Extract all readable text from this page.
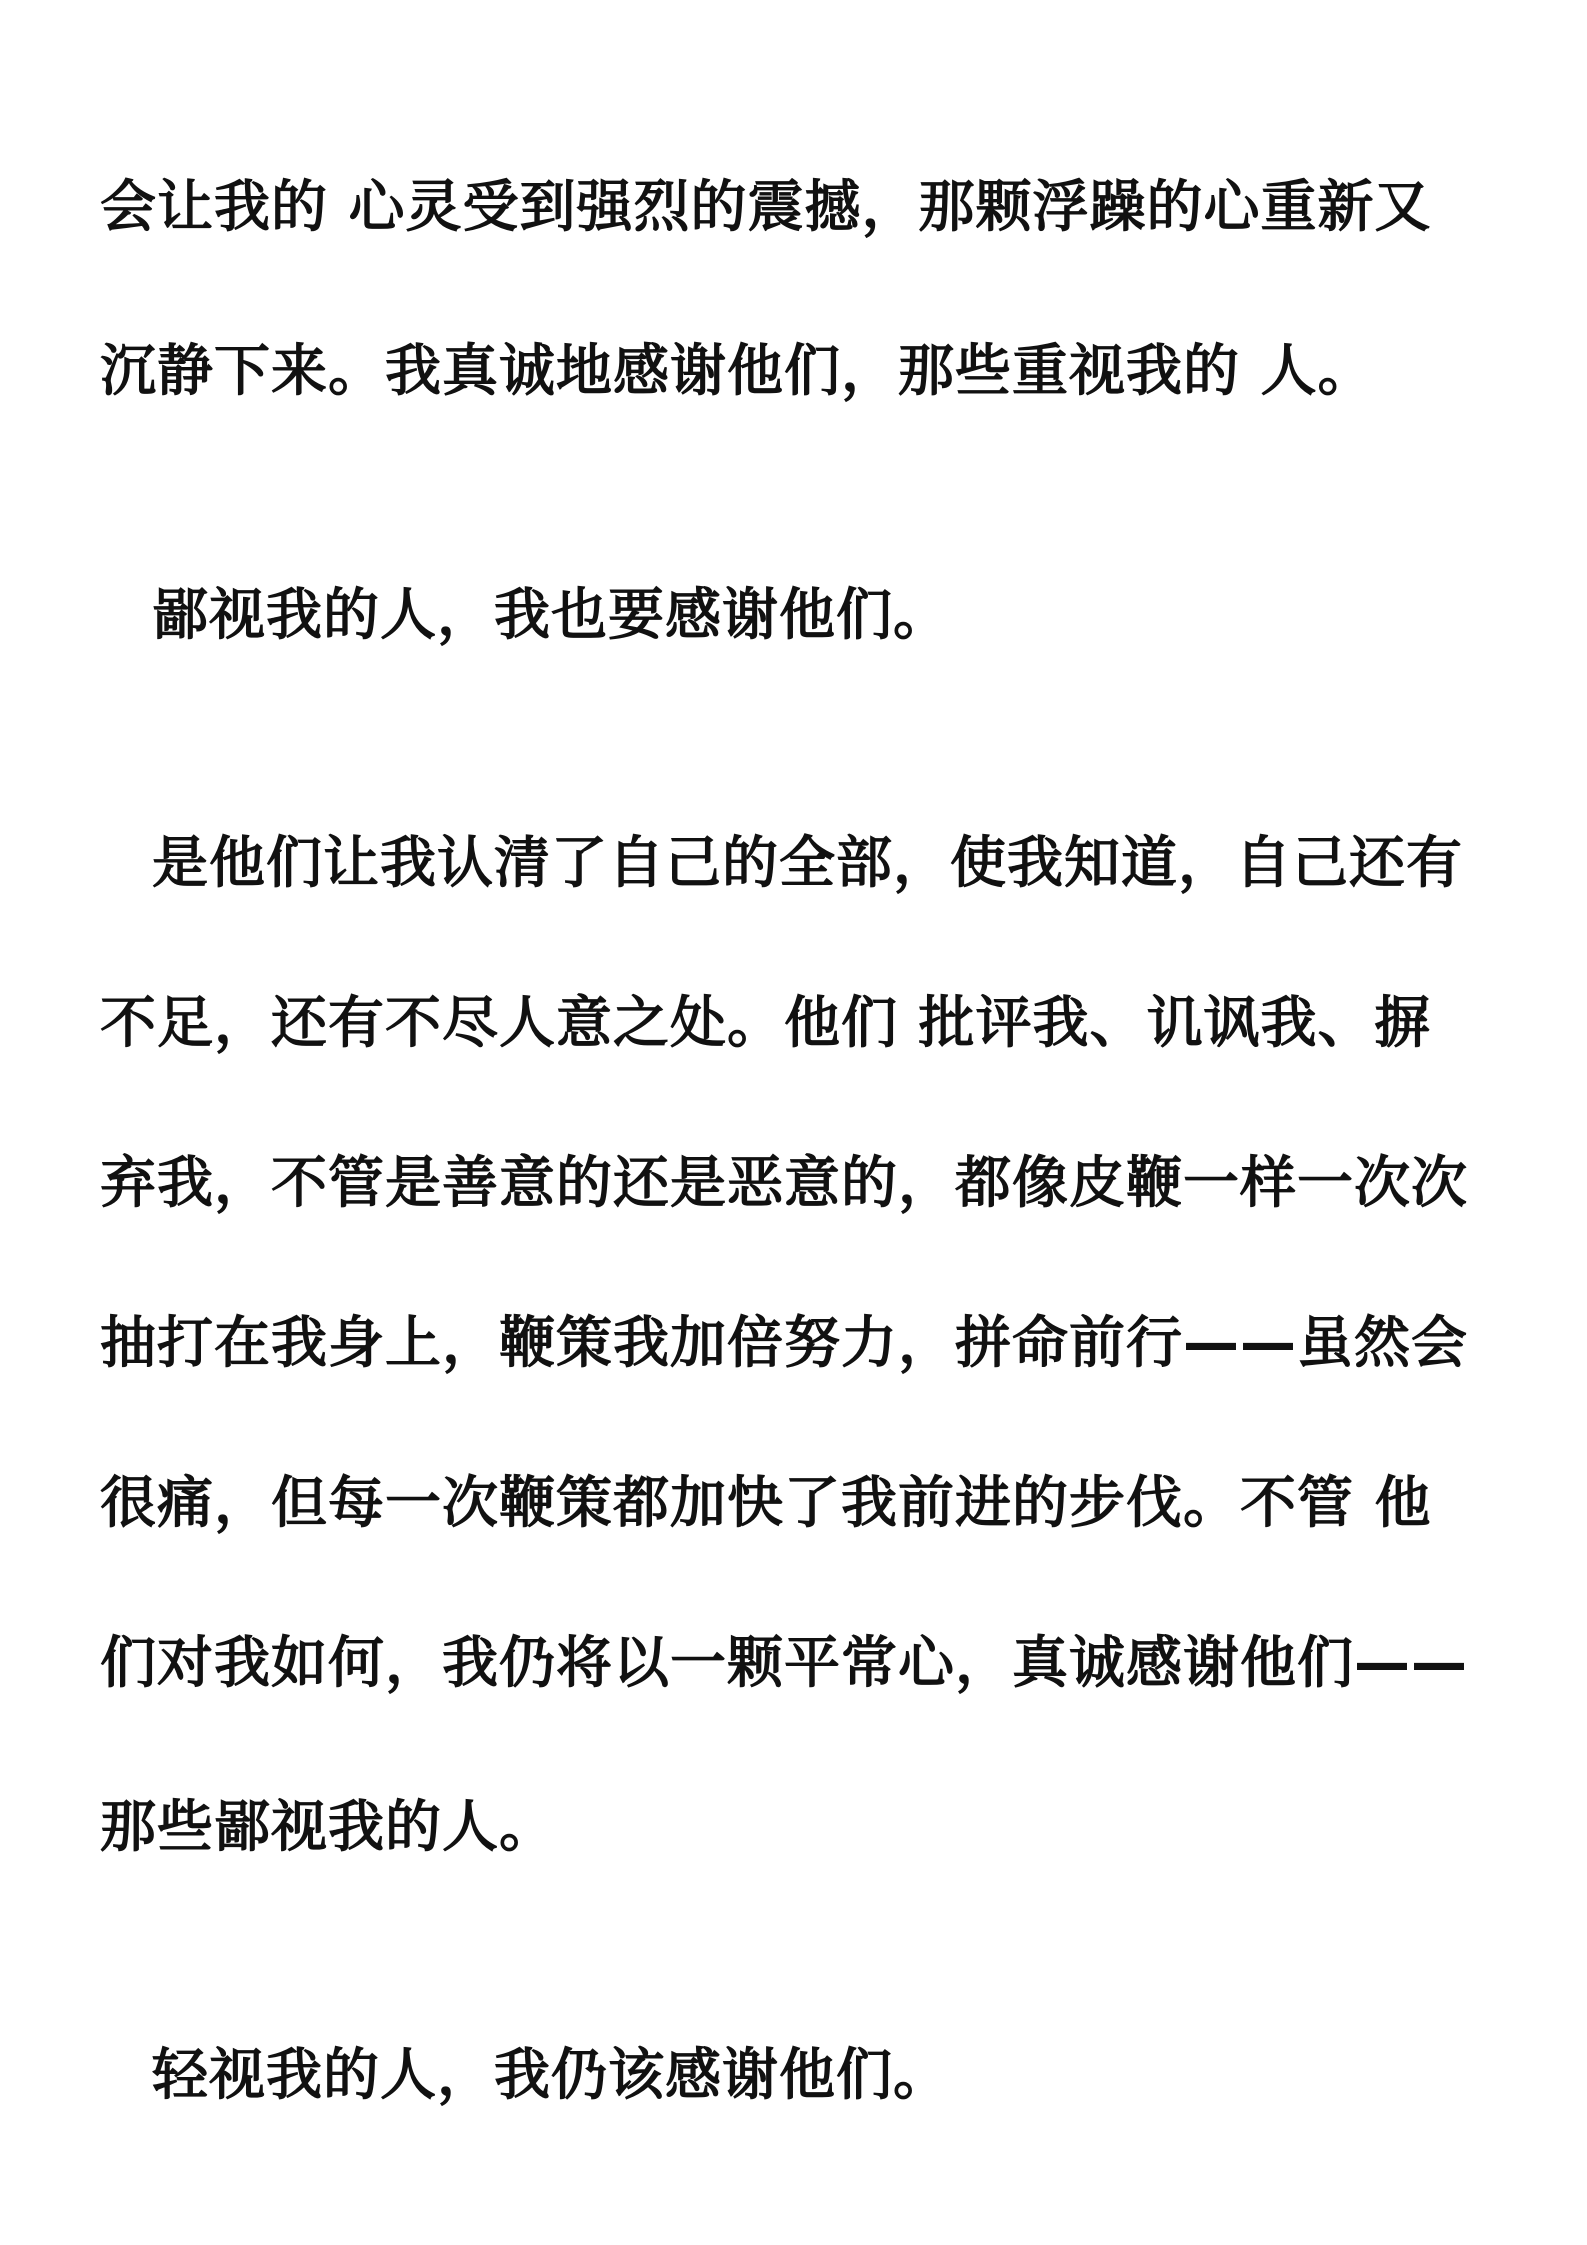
会让我的 心灵受到强烈的震撼，那颗浮躁的心重新又
沉静下来。我真诚地感谢他们，那些重视我的 人。
鄙视我的人，我也要感谢他们。
是他们让我认清了自己的全部，使我知道，自己还有
不足，还有不尽人意之处。他们 批评我、讥讽我、摒
弃我，不管是善意的还是恶意的，都像皮鞭一样一次次
抽打在我身上，鞭策我加倍努力，拼命前行——虽然会
很痛，但每一次鞭策都加快了我前进的步伐。不管 他
们对我如何，我仍将以一颗平常心，真诚感谢他们——
那些鄙视我的人。
轻视我的人，我仍该感谢他们。
